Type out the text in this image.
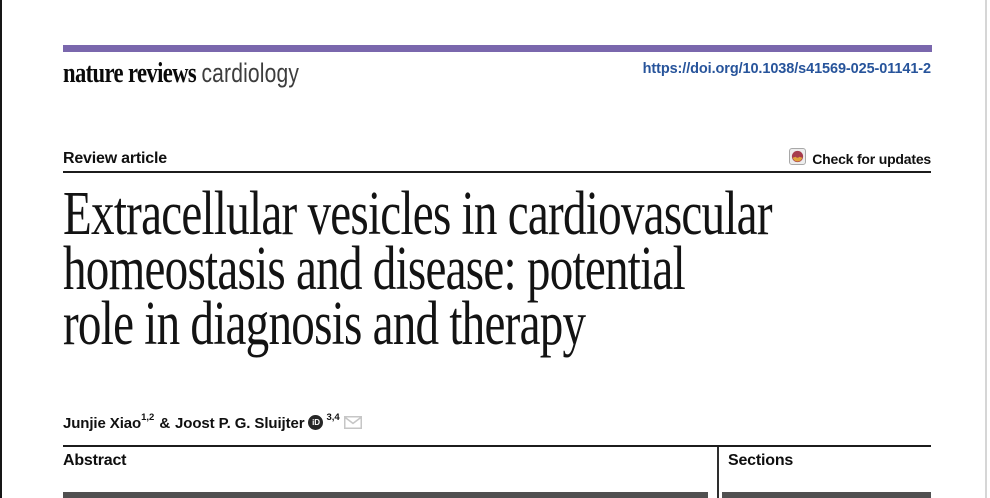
nature reviews cardiology	https://doi.org/10.1038/s41569-025-01141-2
Review article	Check for updates
Extracellular vesicles in cardiovascular
homeostasis and disease: potential
role in diagnosis and therapy
Junjie Xiao 1,2 & Joost P. G. Sluijter iD 3,4
Abstract	Sections
